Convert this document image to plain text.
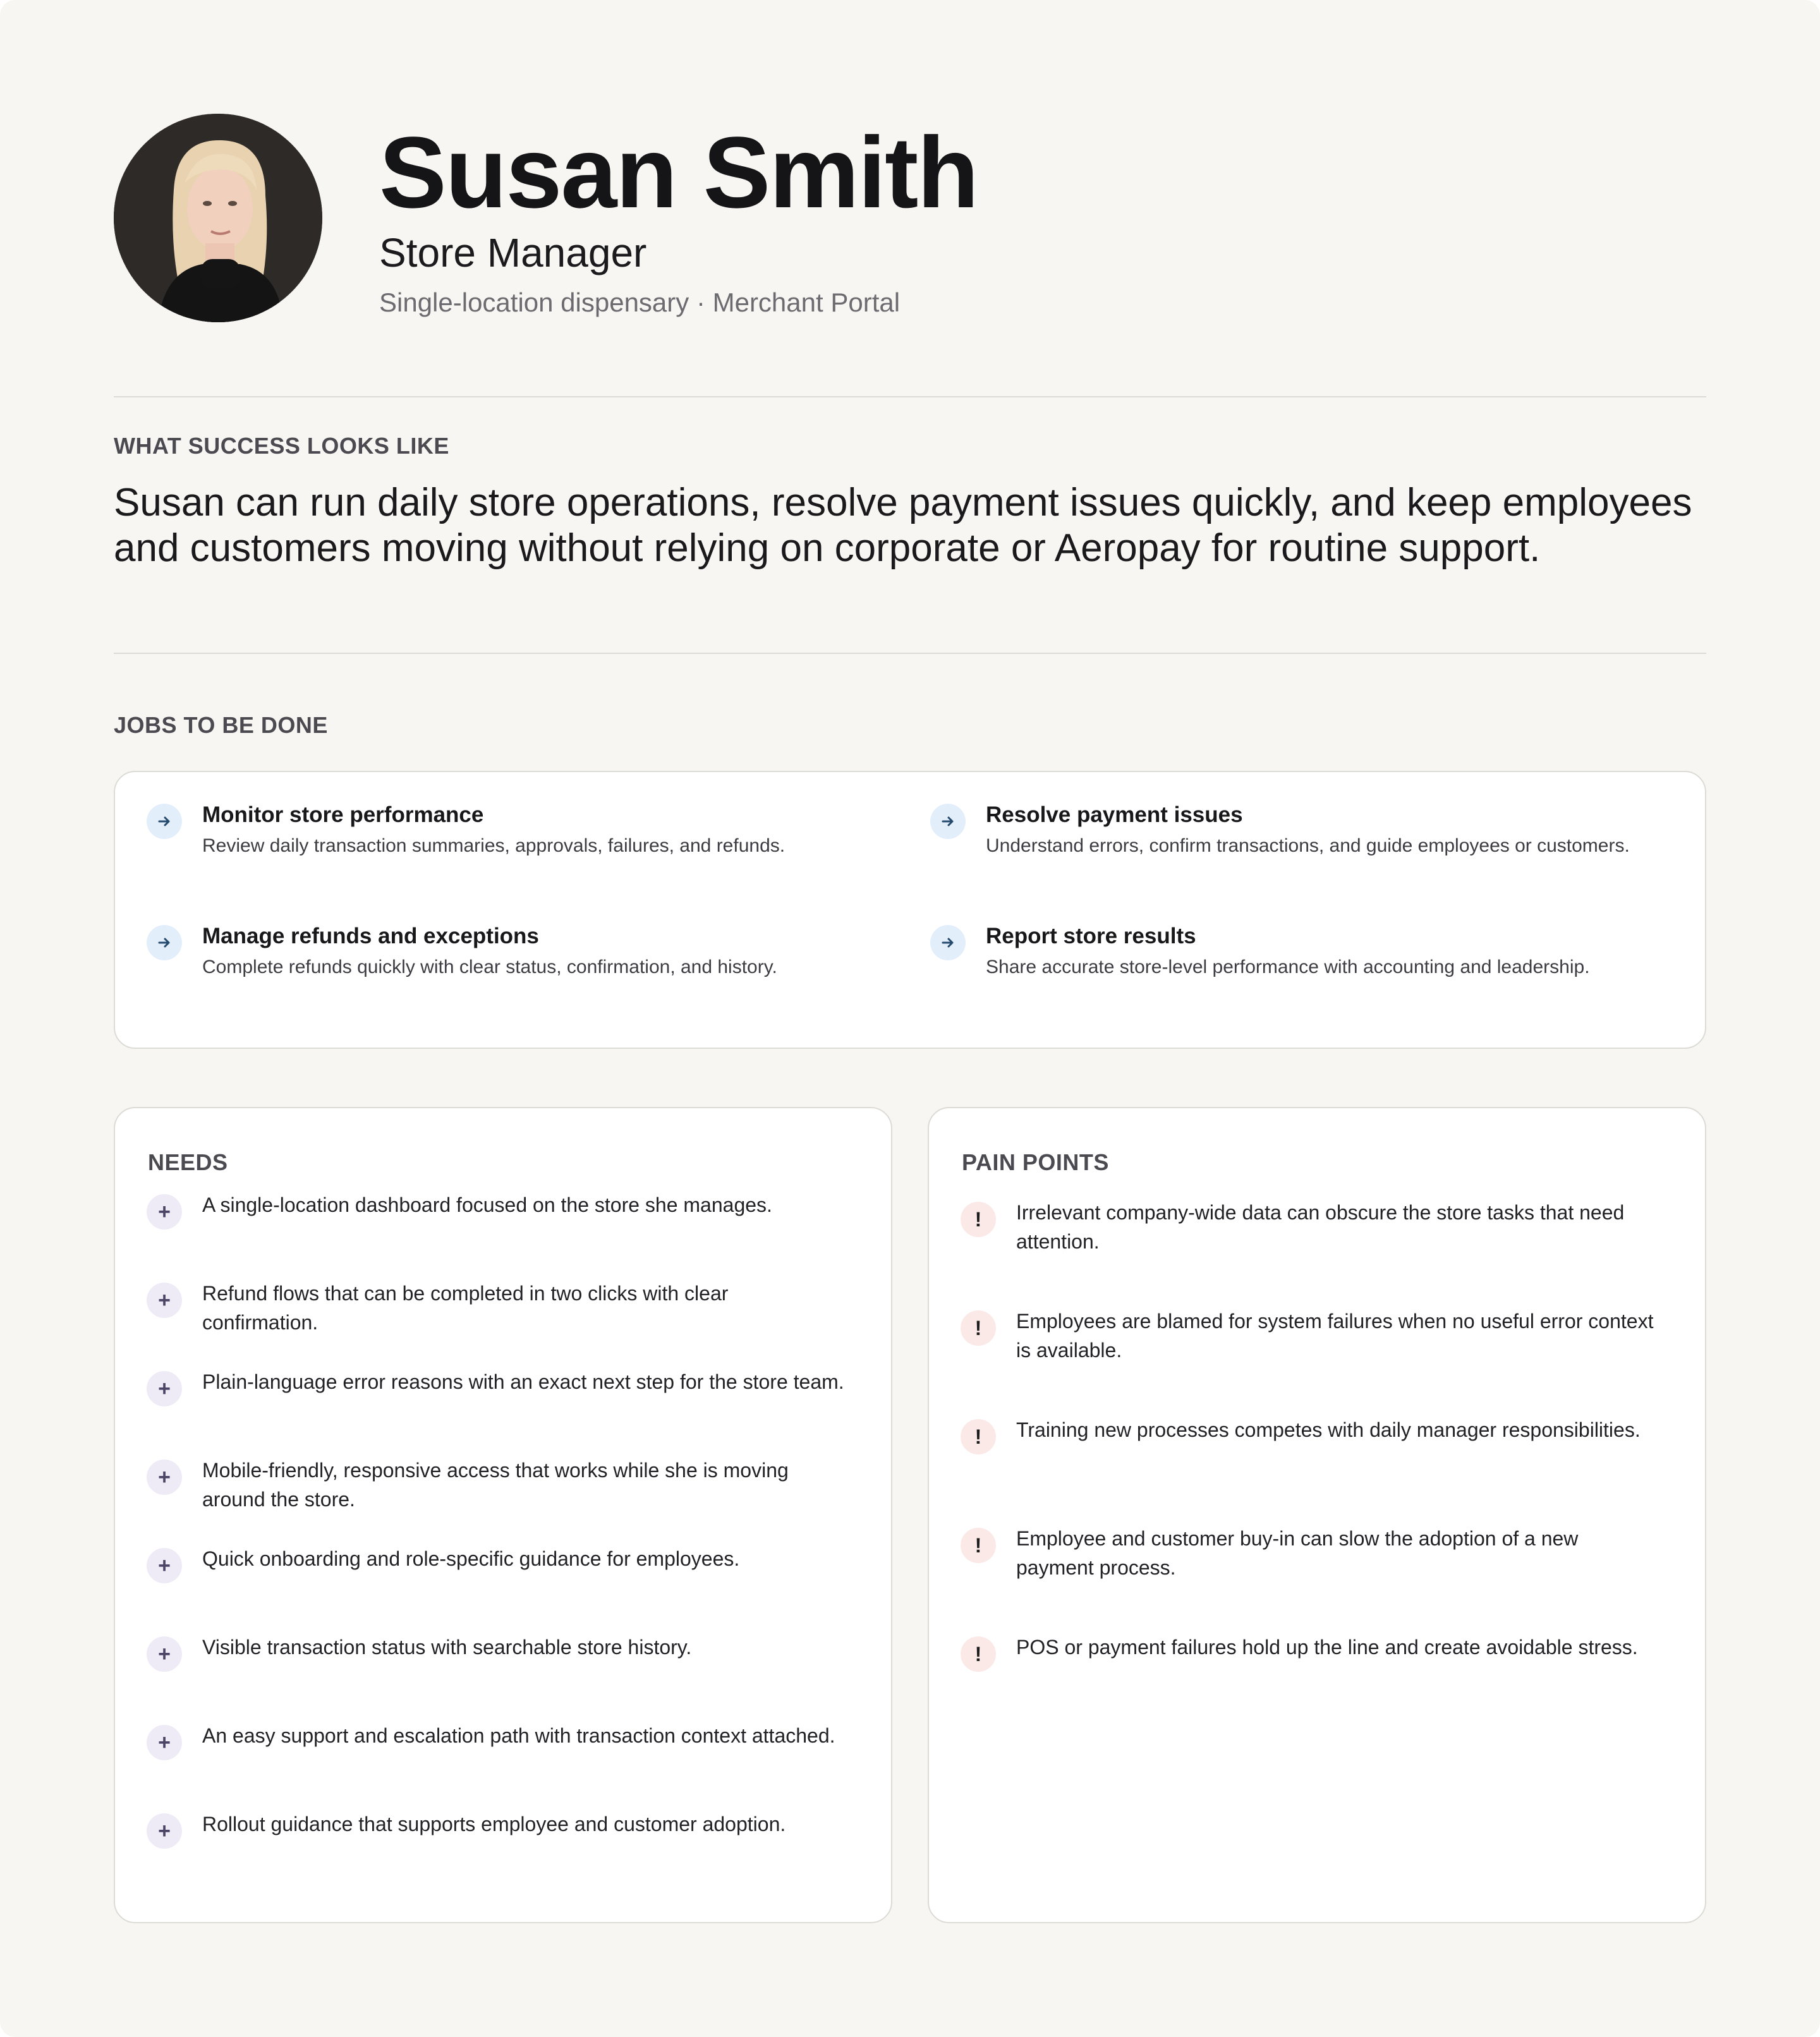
Susan Smith
Store Manager
Single-location dispensary · Merchant Portal
WHAT SUCCESS LOOKS LIKE
Susan can run daily store operations, resolve payment issues quickly, and keep employees and customers moving without relying on corporate or Aeropay for routine support.
JOBS TO BE DONE
Monitor store performance
Review daily transaction summaries, approvals, failures, and refunds.
Resolve payment issues
Understand errors, confirm transactions, and guide employees or customers.
Manage refunds and exceptions
Complete refunds quickly with clear status, confirmation, and history.
Report store results
Share accurate store-level performance with accounting and leadership.
NEEDS
+	A single-location dashboard focused on the store she manages.
+	Refund flows that can be completed in two clicks with clear confirmation.
+	Plain-language error reasons with an exact next step for the store team.
+	Mobile-friendly, responsive access that works while she is moving around the store.
+	Quick onboarding and role-specific guidance for employees.
+	Visible transaction status with searchable store history.
+	An easy support and escalation path with transaction context attached.
+	Rollout guidance that supports employee and customer adoption.
PAIN POINTS
!	Irrelevant company-wide data can obscure the store tasks that need attention.
!	Employees are blamed for system failures when no useful error context is available.
!	Training new processes competes with daily manager responsibilities.
!	Employee and customer buy-in can slow the adoption of a new payment process.
!	POS or payment failures hold up the line and create avoidable stress.
